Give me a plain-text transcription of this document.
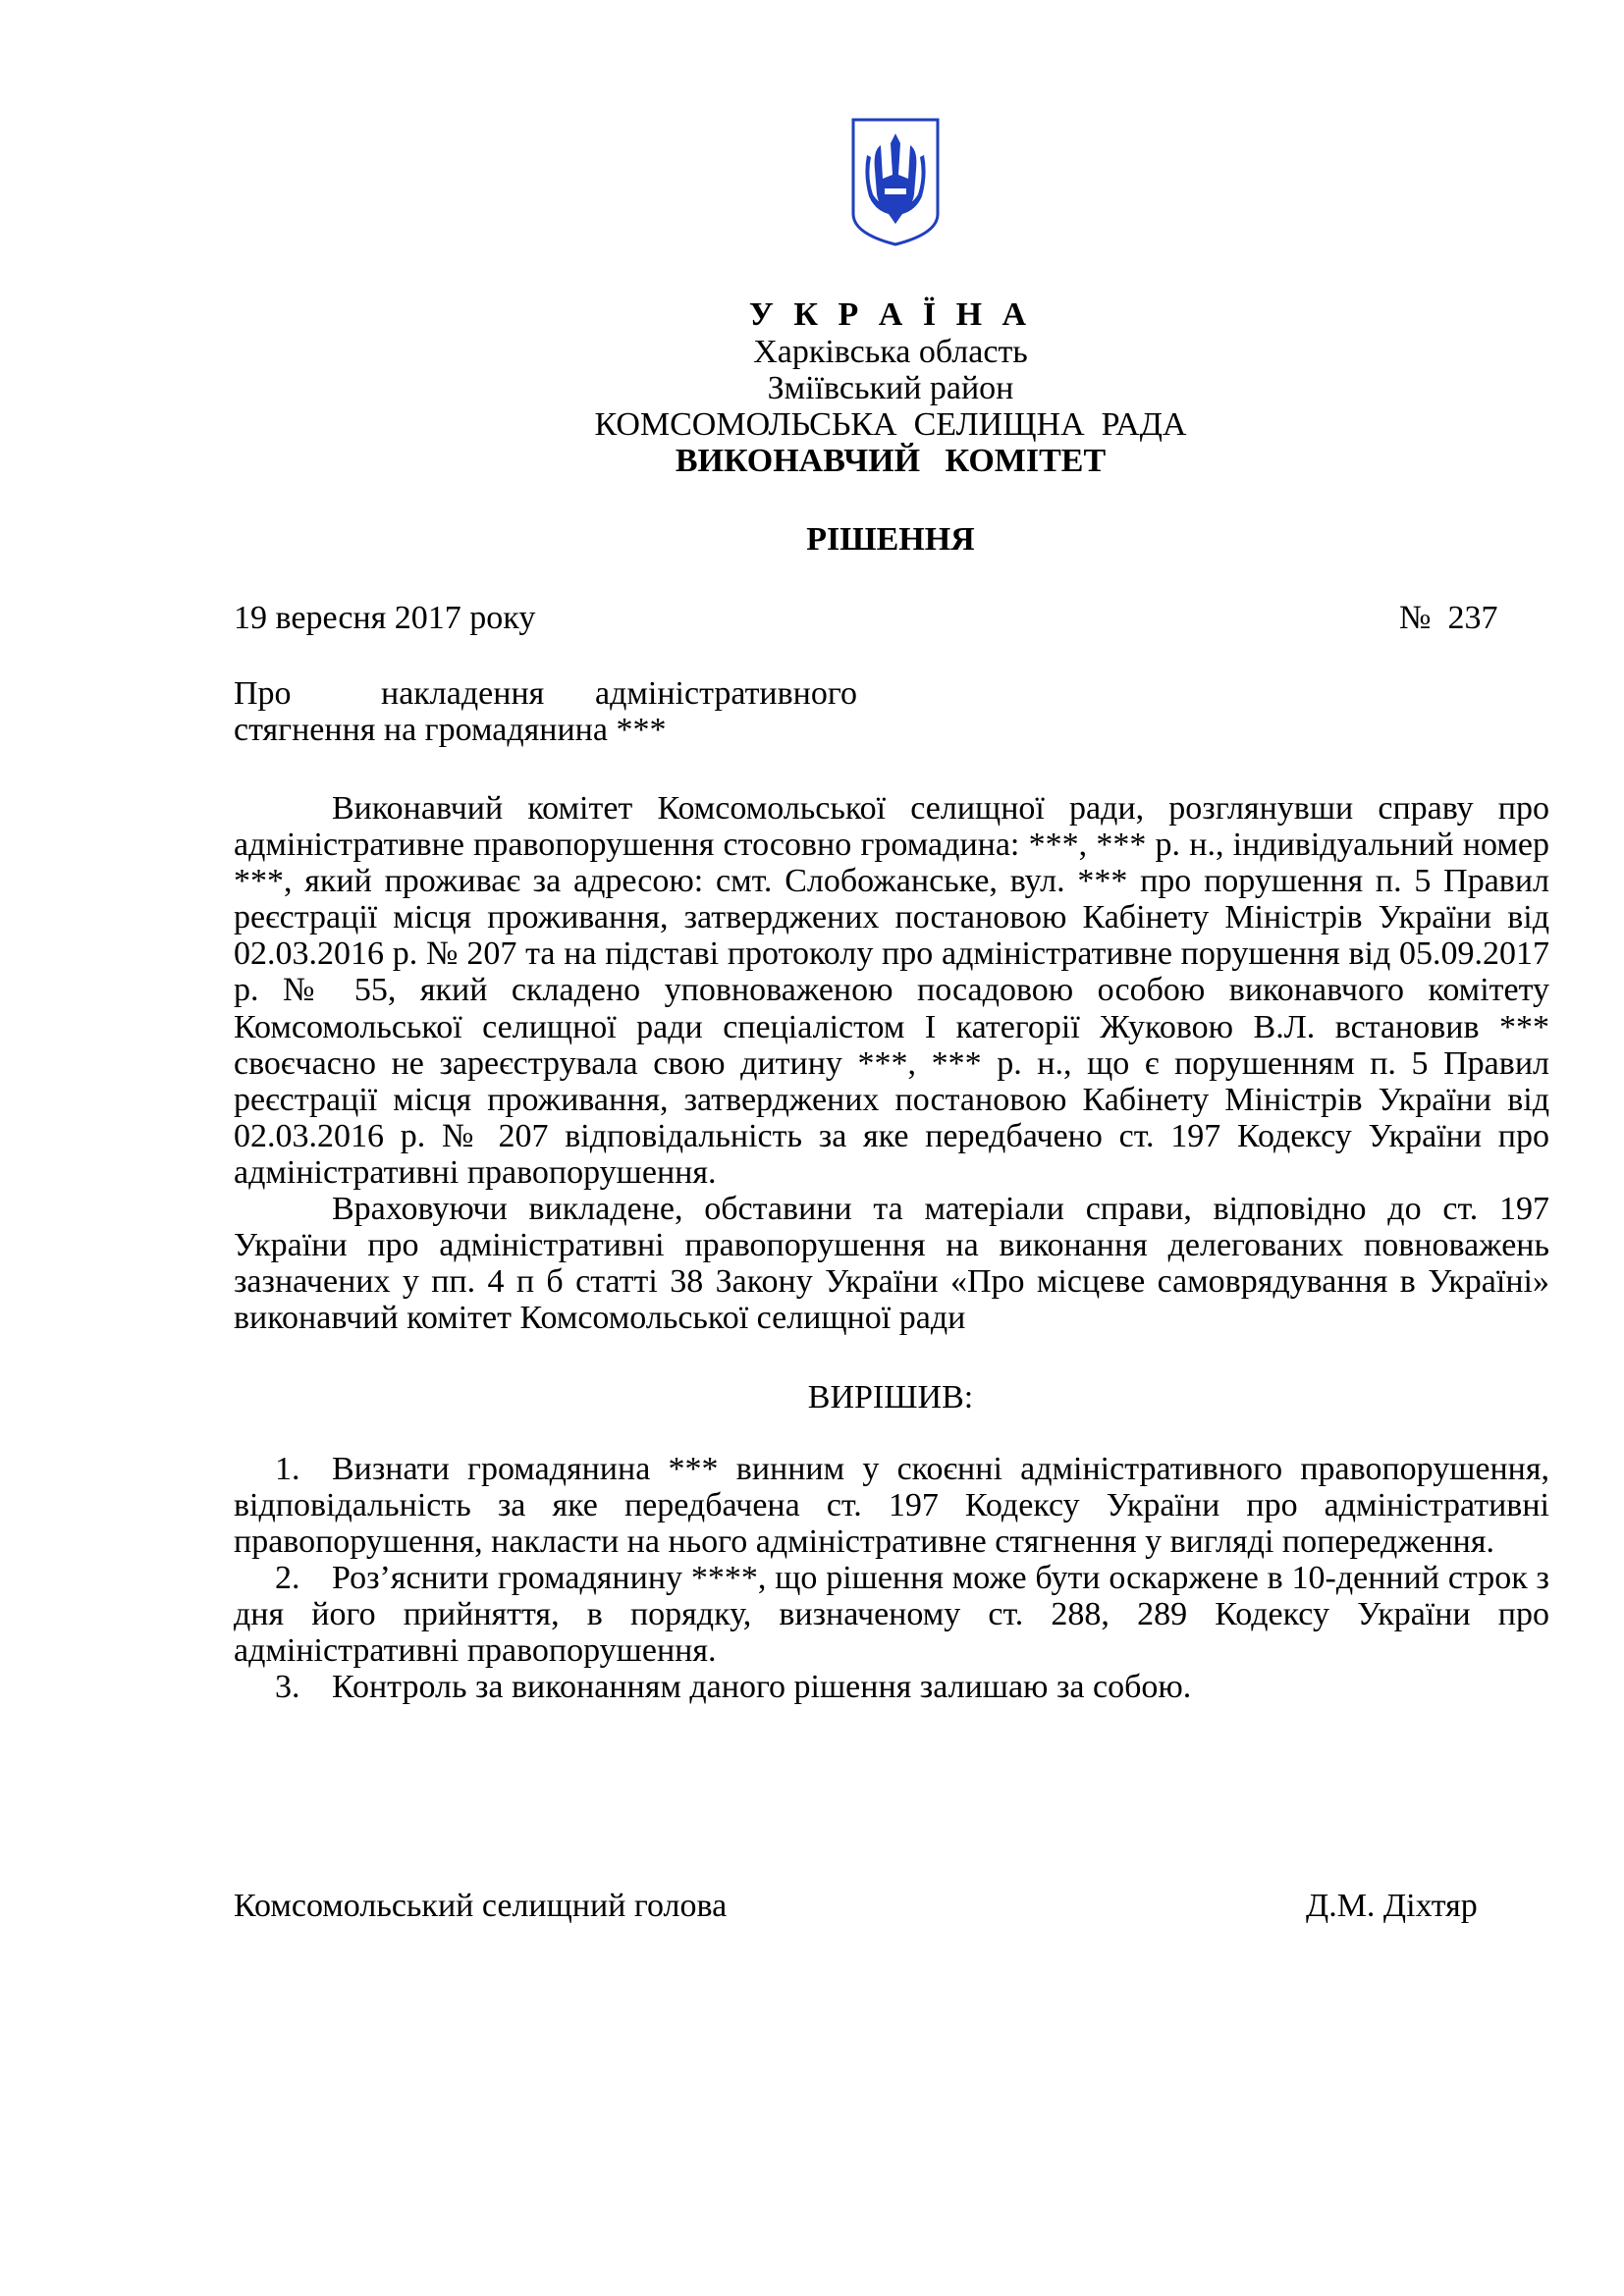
У К Р А Ї Н А
Харківська область
Зміївський район
КОМСОМОЛЬСЬКА  СЕЛИЩНА  РАДА
ВИКОНАВЧИЙ   КОМІТЕТ
РІШЕННЯ
19 вересня 2017 року	№  237
Про	накладення адміністративного
стягнення на громадянина ***
Виконавчий комітет Комсомольської селищної ради, розглянувши справу про
адміністративне правопорушення стосовно громадина: ***, *** р. н., індивідуальний номер
***, який проживає за адресою: смт. Слобожанське, вул. *** про порушення п. 5 Правил
реєстрації місця проживання, затверджених постановою Кабінету Міністрів України від
02.03.2016 р. № 207 та на підставі протоколу про адміністративне порушення від 05.09.2017
р. № 55, який складено уповноваженою посадовою особою виконавчого комітету
Комсомольської селищної ради спеціалістом І категорії Жуковою В.Л. встановив ***
своєчасно не зареєструвала свою дитину ***, *** р. н., що є порушенням п. 5 Правил
реєстрації місця проживання, затверджених постановою Кабінету Міністрів України від
02.03.2016 р. № 207 відповідальність за яке передбачено ст. 197 Кодексу України про
адміністративні правопорушення.
Враховуючи викладене, обставини та матеріали справи, відповідно до ст. 197
України про адміністративні правопорушення на виконання делегованих повноважень
зазначених у пп. 4 п б статті 38 Закону України «Про місцеве самоврядування в Україні»
виконавчий комітет Комсомольської селищної ради
ВИРІШИВ:
1. Визнати громадянина *** винним у скоєнні адміністративного правопорушення,
відповідальність за яке передбачена ст. 197 Кодексу України про адміністративні
правопорушення, накласти на нього адміністративне стягнення у вигляді попередження.
2. Роз’яснити громадянину ****, що рішення може бути оскаржене в 10-денний строк з
дня його прийняття, в порядку, визначеному ст. 288, 289 Кодексу України про
адміністративні правопорушення.
3. Контроль за виконанням даного рішення залишаю за собою.
Комсомольський селищний голова	Д.М. Діхтяр
